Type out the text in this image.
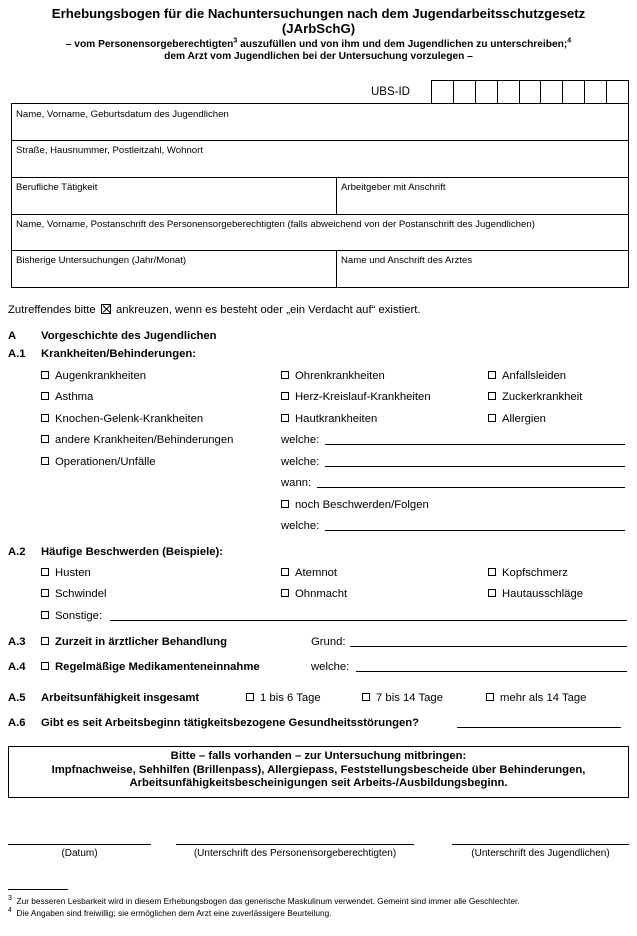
Erhebungsbogen für die Nachuntersuchungen nach dem Jugendarbeitsschutzgesetz
(JArbSchG)
– vom Personensorgeberechtigten$^3$ auszufüllen und von ihm und dem Jugendlichen zu unterschreiben;$^4$
dem Arzt vom Jugendlichen bei der Untersuchung vorzulegen –
UBS-ID
Name, Vorname, Geburtsdatum des Jugendlichen
Straße, Hausnummer, Postleitzahl, Wohnort
Berufliche Tätigkeit	Arbeitgeber mit Anschrift
Name, Vorname, Postanschrift des Personensorgeberechtigten (falls abweichend von der Postanschrift des Jugendlichen)
Bisherige Untersuchungen (Jahr/Monat)	Name und Anschrift des Arztes
Zutreffendes bitte ankreuzen, wenn es besteht oder „ein Verdacht auf“ existiert.
A Vorgeschichte des Jugendlichen
A.1 Krankheiten/Behinderungen:
Augenkrankheiten
Asthma
Knochen-Gelenk-Krankheiten
andere Krankheiten/Behinderungen
Operationen/Unfälle
Ohrenkrankheiten
Herz-Kreislauf-Krankheiten
Hautkrankheiten
Anfallsleiden
Zuckerkrankheit
Allergien
welche:
welche:
wann:
noch Beschwerden/Folgen
welche:
A.2 Häufige Beschwerden (Beispiele):
Husten
Schwindel
Atemnot
Ohnmacht
Kopfschmerz
Hautausschläge
Sonstige:
A.3	Zurzeit in ärztlicher Behandlung	Grund:
A.4	Regelmäßige Medikamenteneinnahme	welche:
A.5 Arbeitsunfähigkeit insgesamt	1 bis 6 Tage	7 bis 14 Tage	mehr als 14 Tage
A.6 Gibt es seit Arbeitsbeginn tätigkeitsbezogene Gesundheitsstörungen?
Bitte – falls vorhanden – zur Untersuchung mitbringen:
Impfnachweise, Sehhilfen (Brillenpass), Allergiepass, Feststellungsbescheide über Behinderungen,
Arbeitsunfähigkeitsbescheinigungen seit Arbeits-/Ausbildungsbeginn.
(Datum)	(Unterschrift des Personensorgeberechtigten)	(Unterschrift des Jugendlichen)
$^3$ Zur besseren Lesbarkeit wird in diesem Erhebungsbogen das generische Maskulinum verwendet. Gemeint sind immer alle Geschlechter.
$^4$ Die Angaben sind freiwillig; sie ermöglichen dem Arzt eine zuverlässigere Beurteilung.
